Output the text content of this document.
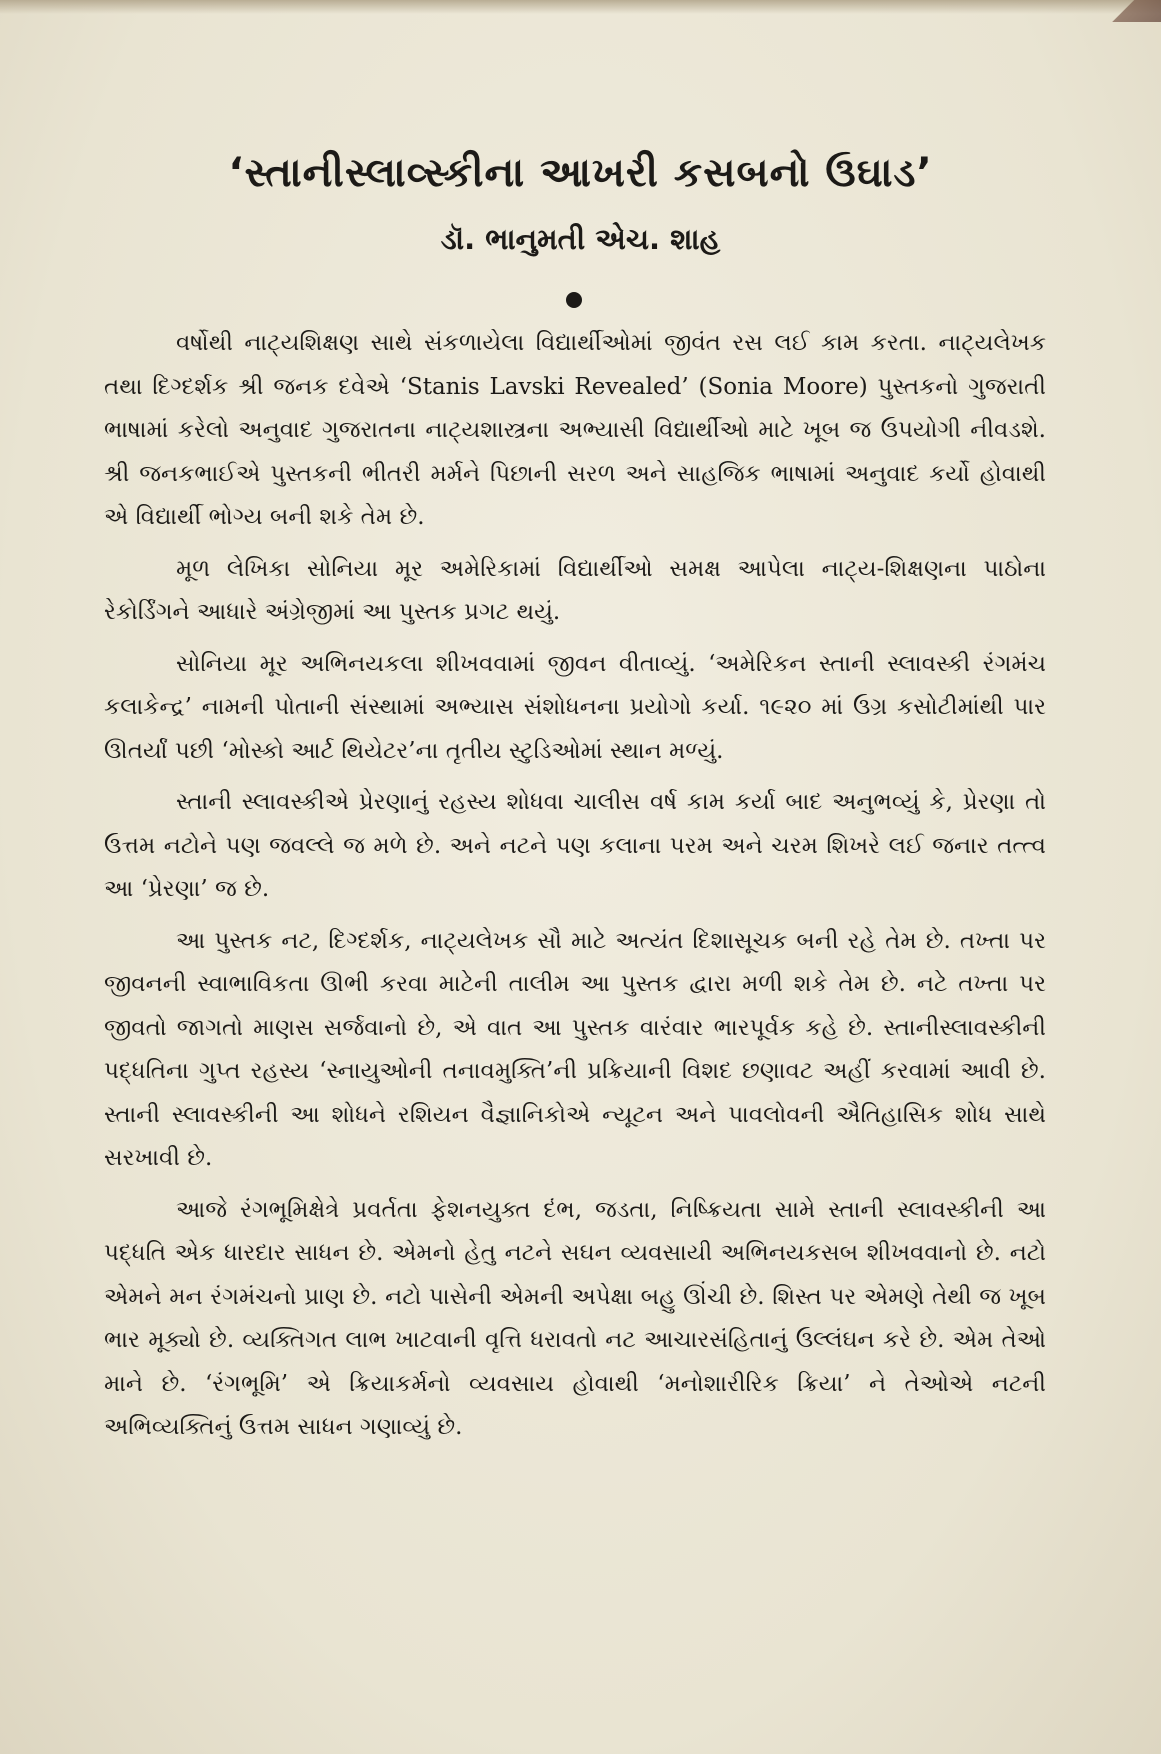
‘સ્તાનીસ્લાવ્સ્કીના આખરી કસબનો ઉઘાડ’
ડૉ. ભાનુમતી એચ. શાહ

વર્ષોથી નાટ્યશિક્ષણ સાથે સંકળાયેલા વિદ્યાર્થીઓમાં જીવંત રસ લઈ કામ કરતા. નાટ્યલેખક તથા દિગ્દર્શક શ્રી જનક દવેએ ‘Stanis Lavski Revealed’ (Sonia Moore) પુસ્તકનો ગુજરાતી ભાષામાં કરેલો અનુવાદ ગુજરાતના નાટ્યશાસ્ત્રના અભ્યાસી વિદ્યાર્થીઓ માટે ખૂબ જ ઉપયોગી નીવડશે. શ્રી જનકભાઈએ પુસ્તકની ભીતરી મર્મને પિછાની સરળ અને સાહજિક ભાષામાં અનુવાદ કર્યો હોવાથી એ વિદ્યાર્થી ભોગ્ય બની શકે તેમ છે.

મૂળ લેખિકા સોનિયા મૂર અમેરિકામાં વિદ્યાર્થીઓ સમક્ષ આપેલા નાટ્ય-શિક્ષણના પાઠોના રેકોર્ડિંગને આધારે અંગ્રેજીમાં આ પુસ્તક પ્રગટ થયું.

સોનિયા મૂર અભિનયકલા શીખવવામાં જીવન વીતાવ્યું. ‘અમેરિકન સ્તાની સ્લાવસ્કી રંગમંચ કલાકેન્દ્ર’ નામની પોતાની સંસ્થામાં અભ્યાસ સંશોધનના પ્રયોગો કર્યા. ૧૯૨૦ માં ઉગ્ર કસોટીમાંથી પાર ઊતર્યાં પછી ‘મોસ્કો આર્ટ થિયેટર’ના તૃતીય સ્ટુડિઓમાં સ્થાન મળ્યું.

સ્તાની સ્લાવસ્કીએ પ્રેરણાનું રહસ્ય શોધવા ચાલીસ વર્ષ કામ કર્યા બાદ અનુભવ્યું કે, પ્રેરણા તો ઉત્તમ નટોને પણ જવલ્લે જ મળે છે. અને નટને પણ કલાના પરમ અને ચરમ શિખરે લઈ જનાર તત્ત્વ આ ‘પ્રેરણા’ જ છે.

આ પુસ્તક નટ, દિગ્દર્શક, નાટ્યલેખક સૌ માટે અત્યંત દિશાસૂચક બની રહે તેમ છે. તખ્તા પર જીવનની સ્વાભાવિકતા ઊભી કરવા માટેની તાલીમ આ પુસ્તક દ્વારા મળી શકે તેમ છે. નટે તખ્તા પર જીવતો જાગતો માણસ સર્જવાનો છે, એ વાત આ પુસ્તક વારંવાર ભારપૂર્વક કહે છે. સ્તાનીસ્લાવસ્કીની પદ્ધતિના ગુપ્ત રહસ્ય ‘સ્નાયુઓની તનાવમુક્તિ’ની પ્રક્રિયાની વિશદ છણાવટ અહીં કરવામાં આવી છે. સ્તાની સ્લાવસ્કીની આ શોધને રશિયન વૈજ્ઞાનિકોએ ન્યૂટન અને પાવલોવની ઐતિહાસિક શોધ સાથે સરખાવી છે.

આજે રંગભૂમિક્ષેત્રે પ્રવર્તતા ફેશનયુક્ત દંભ, જડતા, નિષ્ક્રિયતા સામે સ્તાની સ્લાવસ્કીની આ પદ્ધતિ એક ધારદાર સાધન છે. એમનો હેતુ નટને સઘન વ્યવસાયી અભિનયકસબ શીખવવાનો છે. નટો એમને મન રંગમંચનો પ્રાણ છે. નટો પાસેની એમની અપેક્ષા બહુ ઊંચી છે. શિસ્ત પર એમણે તેથી જ ખૂબ ભાર મૂક્યો છે. વ્યક્તિગત લાભ ખાટવાની વૃત્તિ ધરાવતો નટ આચારસંહિતાનું ઉલ્લંઘન કરે છે. એમ તેઓ માને છે. ‘રંગભૂમિ’ એ ક્રિયાકર્મનો વ્યવસાય હોવાથી ‘મનોશારીરિક ક્રિયા’ ને તેઓએ નટની અભિવ્યક્તિનું ઉત્તમ સાધન ગણાવ્યું છે.
